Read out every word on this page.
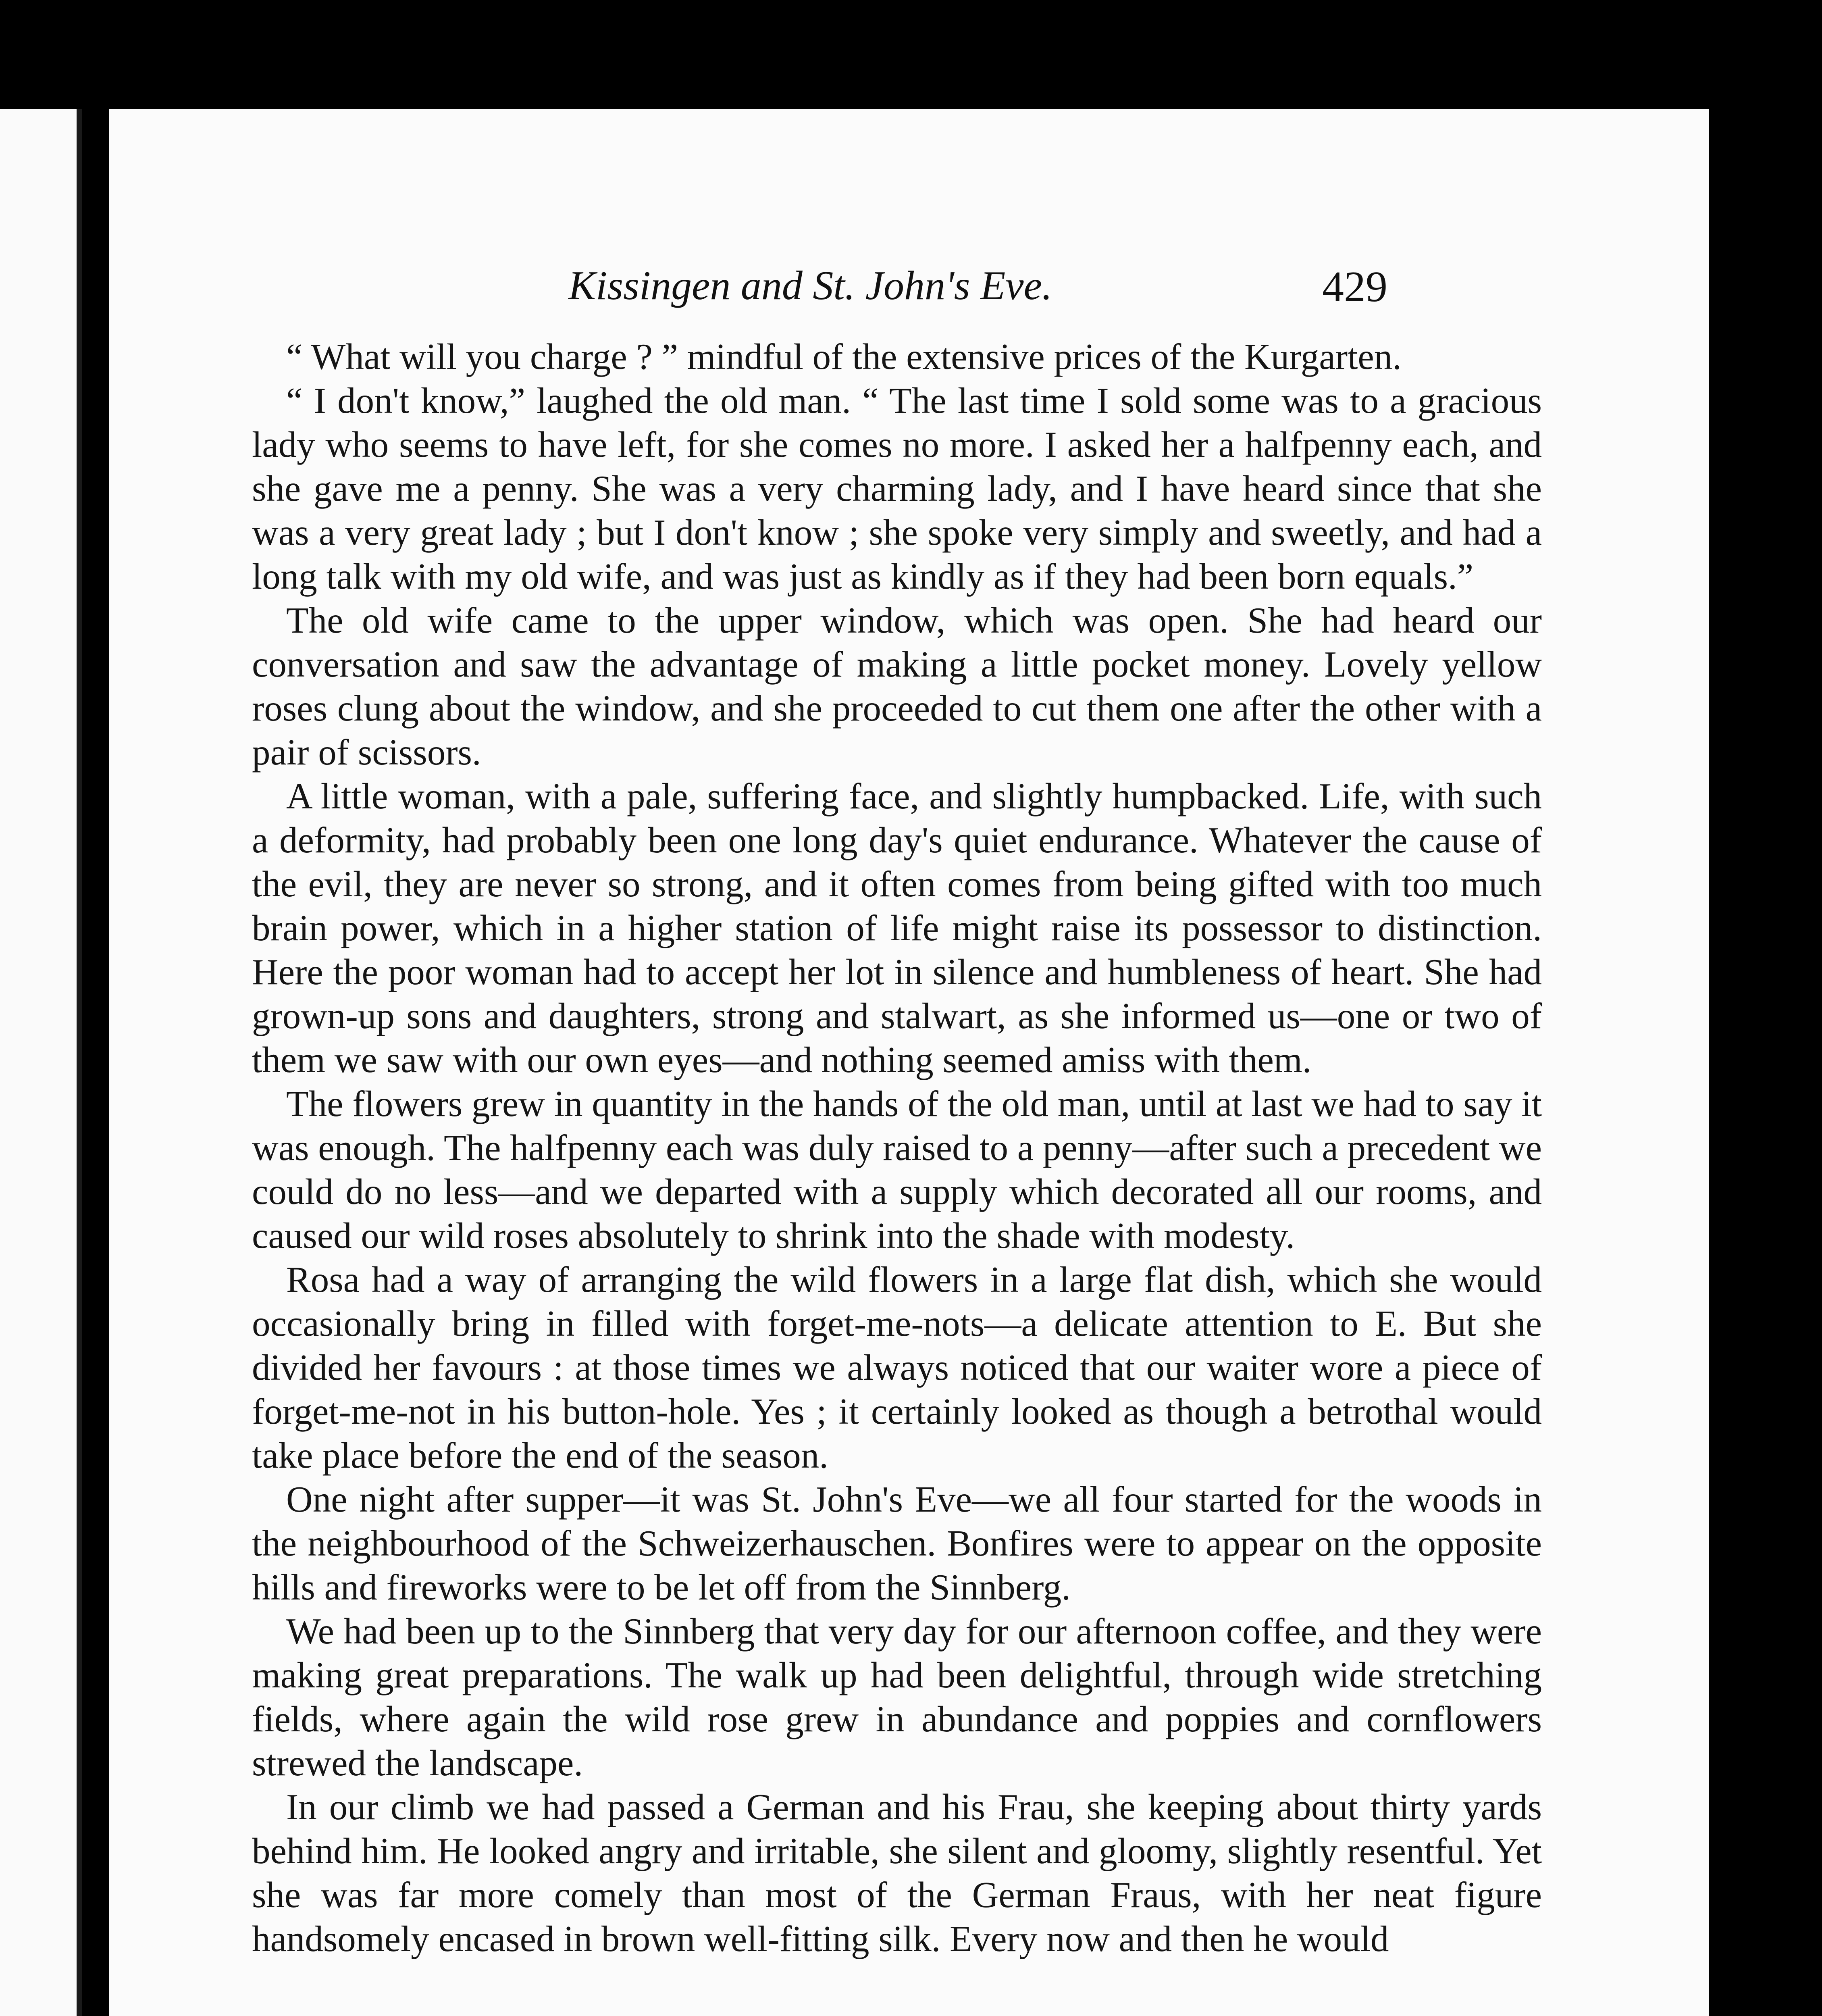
Kissingen and St. John's Eve.	429

“ What will you charge ? ” mindful of the extensive prices of the Kurgarten.

“ I don't know,” laughed the old man. “ The last time I sold some was to a gracious lady who seems to have left, for she comes no more. I asked her a halfpenny each, and she gave me a penny. She was a very charming lady, and I have heard since that she was a very great lady ; but I don't know ; she spoke very simply and sweetly, and had a long talk with my old wife, and was just as kindly as if they had been born equals.”

The old wife came to the upper window, which was open. She had heard our conversation and saw the advantage of making a little pocket money. Lovely yellow roses clung about the window, and she proceeded to cut them one after the other with a pair of scissors.

A little woman, with a pale, suffering face, and slightly humpbacked. Life, with such a deformity, had probably been one long day's quiet endurance. Whatever the cause of the evil, they are never so strong, and it often comes from being gifted with too much brain power, which in a higher station of life might raise its possessor to distinction. Here the poor woman had to accept her lot in silence and humbleness of heart. She had grown-up sons and daughters, strong and stalwart, as she informed us—one or two of them we saw with our own eyes—and nothing seemed amiss with them.

The flowers grew in quantity in the hands of the old man, until at last we had to say it was enough. The halfpenny each was duly raised to a penny—after such a precedent we could do no less—and we departed with a supply which decorated all our rooms, and caused our wild roses absolutely to shrink into the shade with modesty.

Rosa had a way of arranging the wild flowers in a large flat dish, which she would occasionally bring in filled with forget-me-nots—a delicate attention to E. But she divided her favours : at those times we always noticed that our waiter wore a piece of forget-me-not in his button-hole. Yes ; it certainly looked as though a betrothal would take place before the end of the season.

One night after supper—it was St. John's Eve—we all four started for the woods in the neighbourhood of the Schweizerhauschen. Bonfires were to appear on the opposite hills and fireworks were to be let off from the Sinnberg.

We had been up to the Sinnberg that very day for our afternoon coffee, and they were making great preparations. The walk up had been delightful, through wide stretching fields, where again the wild rose grew in abundance and poppies and cornflowers strewed the landscape.

In our climb we had passed a German and his Frau, she keeping about thirty yards behind him. He looked angry and irritable, she silent and gloomy, slightly resentful. Yet she was far more comely than most of the German Fraus, with her neat figure handsomely encased in brown well-fitting silk. Every now and then he would
